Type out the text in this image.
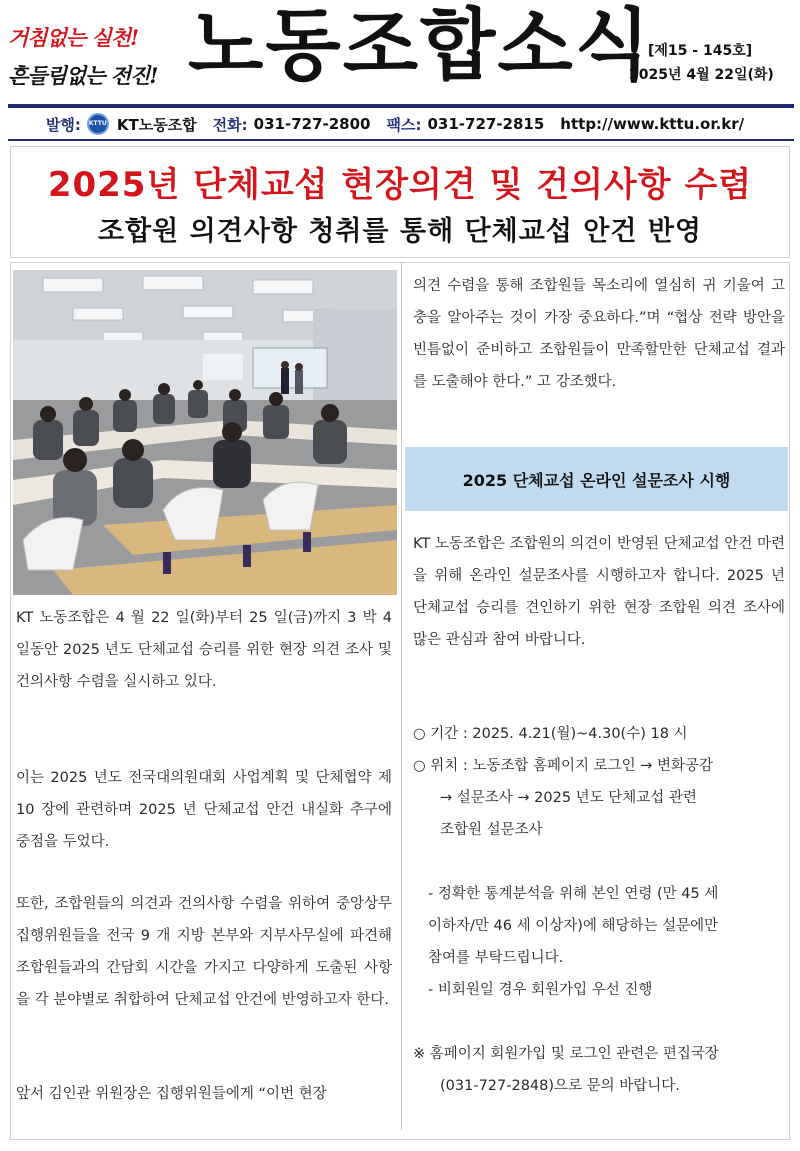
거침없는 실천!
흔들림없는 전진! 노동조합소식
[제15 - 145호]
2025년 4월 22일(화)
발행: KTTU KT노동조합 전화: 031-727-2800 팩스: 031-727-2815 http://www.kttu.or.kr/
2025년 단체교섭 현장의견 및 건의사항 수렴
조합원 의견사항 청취를 통해 단체교섭 안건 반영

KT 노동조합은 4 월 22 일(화)부터 25 일(금)까지 3 박 4 일동안 2025 년도 단체교섭 승리를 위한 현장 의견 조사 및 건의사항 수렴을 실시하고 있다.

이는 2025 년도 전국대의원대회 사업계획 및 단체협약 제 10 장에 관련하며 2025 년 단체교섭 안건 내실화 추구에 중점을 두었다.

또한, 조합원들의 의견과 건의사항 수렴을 위하여 중앙상무집행위원들을 전국 9 개 지방 본부와 지부사무실에 파견해 조합원들과의 간담회 시간을 가지고 다양하게 도출된 사항을 각 분야별로 취합하여 단체교섭 안건에 반영하고자 한다.

앞서 김인관 위원장은 집행위원들에게 “이번 현장

의견 수렴을 통해 조합원들 목소리에 열심히 귀 기울여 고충을 알아주는 것이 가장 중요하다.”며 “협상 전략 방안을 빈틈없이 준비하고 조합원들이 만족할만한 단체교섭 결과를 도출해야 한다.” 고 강조했다.

2025 단체교섭 온라인 설문조사 시행

KT 노동조합은 조합원의 의견이 반영된 단체교섭 안건 마련을 위해 온라인 설문조사를 시행하고자 합니다. 2025 년 단체교섭 승리를 견인하기 위한 현장 조합원 의견 조사에 많은 관심과 참여 바랍니다.

○ 기간 : 2025. 4.21(월)~4.30(수) 18 시
○ 위치 : 노동조합 홈페이지 로그인 → 변화공감
→ 설문조사 → 2025 년도 단체교섭 관련
조합원 설문조사
- 정확한 통계분석을 위해 본인 연령 (만 45 세
이하자/만 46 세 이상자)에 해당하는 설문에만
참여를 부탁드립니다.
- 비회원일 경우 회원가입 우선 진행
※ 홈페이지 회원가입 및 로그인 관련은 편집국장
(031-727-2848)으로 문의 바랍니다.
